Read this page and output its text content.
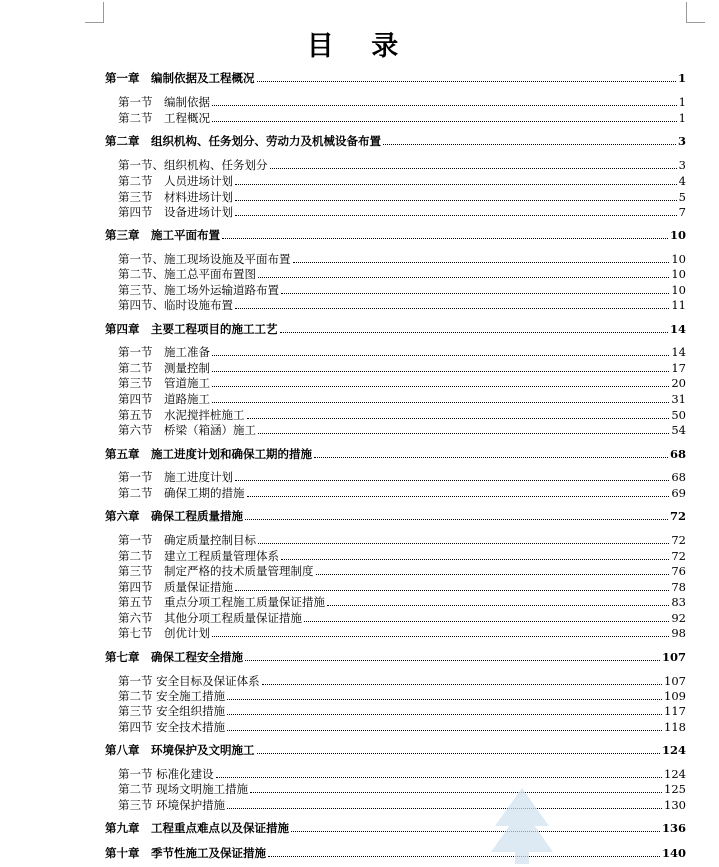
目 录
第一章　编制依据及工程概况	1
第一节　编制依据	1
第二节　工程概况	1
第二章　组织机构、任务划分、劳动力及机械设备布置	3
第一节、组织机构、任务划分	3
第二节　人员进场计划	4
第三节　材料进场计划	5
第四节　设备进场计划	7
第三章　施工平面布置	10
第一节、施工现场设施及平面布置	10
第二节、施工总平面布置图	10
第三节、施工场外运输道路布置	10
第四节、临时设施布置	11
第四章　主要工程项目的施工工艺	14
第一节　施工准备	14
第二节　测量控制	17
第三节　管道施工	20
第四节　道路施工	31
第五节　水泥搅拌桩施工	50
第六节　桥梁（箱涵）施工	54
第五章　施工进度计划和确保工期的措施	68
第一节　施工进度计划	68
第二节　确保工期的措施	69
第六章　确保工程质量措施	72
第一节　确定质量控制目标	72
第二节　建立工程质量管理体系	72
第三节　制定严格的技术质量管理制度	76
第四节　质量保证措施	78
第五节　重点分项工程施工质量保证措施	83
第六节　其他分项工程质量保证措施	92
第七节　创优计划	98
第七章　确保工程安全措施	107
第一节 安全目标及保证体系	107
第二节 安全施工措施	109
第三节 安全组织措施	117
第四节 安全技术措施	118
第八章　环境保护及文明施工	124
第一节 标准化建设	124
第二节 现场文明施工措施	125
第三节 环境保护措施	130
第九章　工程重点难点以及保证措施	136
第十章　季节性施工及保证措施	140
